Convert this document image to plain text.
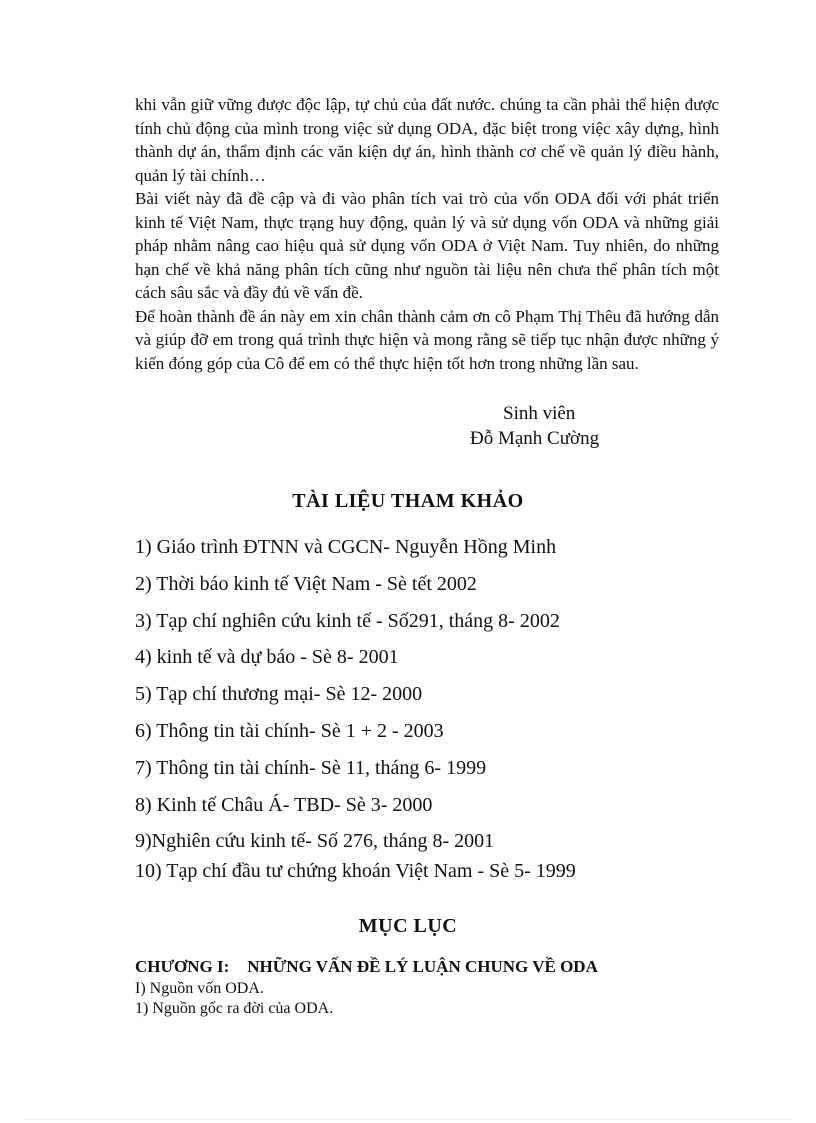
khi vẫn giữ vững được độc lập, tự chủ của đất nước. chúng ta cần phải thể hiện được tính chủ động của mình trong việc sử dụng ODA, đặc biệt trong việc xây dựng, hình thành dự án, thẩm định các văn kiện dự án, hình thành cơ chế về quản lý điều hành, quản lý tài chính…

Bài viết này đã đề cập và đi vào phân tích vai trò của vốn ODA đối với phát triển kinh tế Việt Nam, thực trạng huy động, quản lý và sử dụng vốn ODA và những giải pháp nhằm nâng cao hiệu quả sử dụng vốn ODA ở Việt Nam. Tuy nhiên, do những hạn chế về khả năng phân tích cũng như nguồn tài liệu nên chưa thể phân tích một cách sâu sắc và đầy đủ về vấn đề.

Để hoàn thành đề án này em xin chân thành cảm ơn cô Phạm Thị Thêu đã hướng dẫn và giúp đỡ em trong quá trình thực hiện và mong rằng sẽ tiếp tục nhận được những ý kiến đóng góp của Cô để em có thể thực hiện tốt hơn trong những lần sau.

Sinh viên
Đỗ Mạnh Cường
TÀI LIỆU THAM KHẢO
1) Giáo trình ĐTNN và CGCN- Nguyễn Hồng Minh
2) Thời báo kinh tế Việt Nam - Sè tết 2002
3) Tạp chí nghiên cứu kinh tế - Số291, tháng 8- 2002
4) kinh tế và dự báo - Sè 8- 2001
5) Tạp chí thương mại- Sè 12- 2000
6) Thông tin tài chính- Sè 1 + 2 - 2003
7) Thông tin tài chính- Sè 11, tháng 6- 1999
8) Kinh tế Châu Á- TBD- Sè 3- 2000
9)Nghiên cứu kinh tế- Số 276, tháng 8- 2001
10) Tạp chí đầu tư chứng khoán Việt Nam - Sè 5- 1999
MỤC LỤC
CHƯƠNG I: NHỮNG VẤN ĐỀ LÝ LUẬN CHUNG VỀ ODA
I) Nguồn vốn ODA.
1) Nguồn gốc ra đời của ODA.
